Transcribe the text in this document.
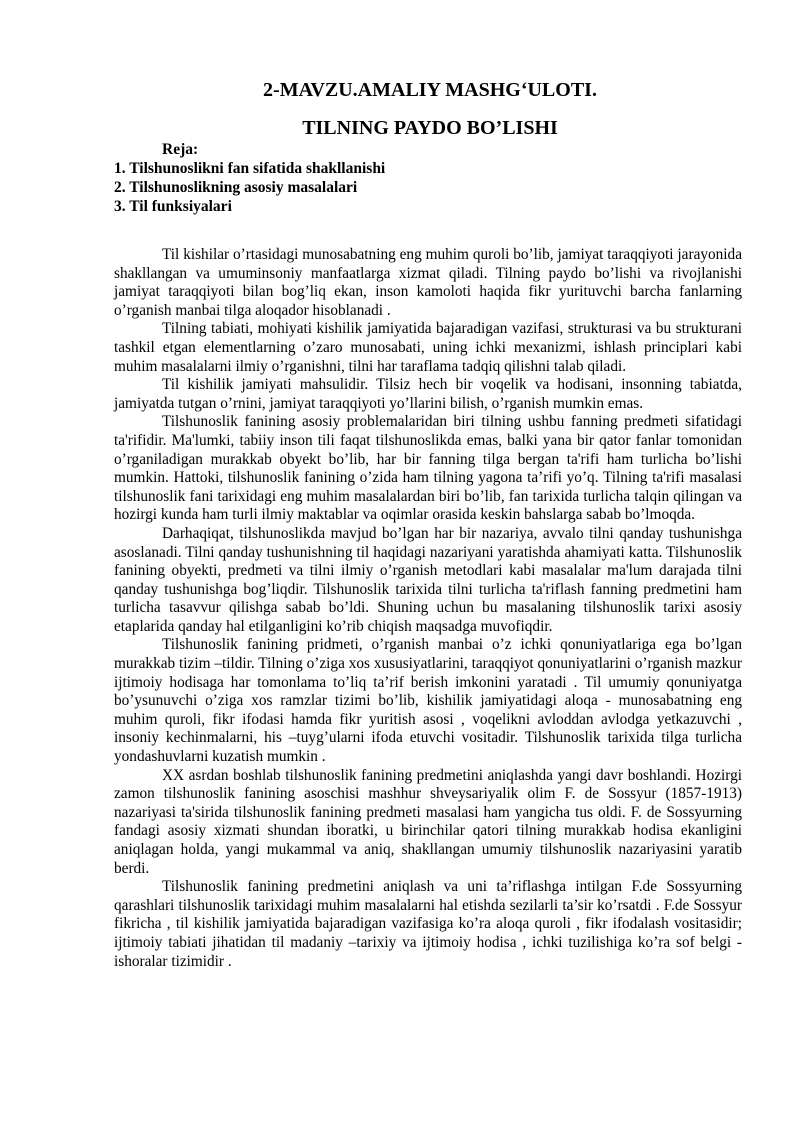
2-MAVZU.AMALIY MASHG‘ULOTI.
TILNING PAYDO BO’LISHI
Reja:
1. Tilshunoslikni fan sifatida shakllanishi
2. Tilshunoslikning asosiy masalalari
3. Til funksiyalari

Til kishilar o’rtasidagi munosabatning eng muhim quroli bo’lib, jamiyat taraqqiyoti jarayonida shakllangan va umuminsoniy manfaatlarga xizmat qiladi. Tilning paydo bo’lishi va rivojlanishi jamiyat taraqqiyoti bilan bog’liq ekan, inson kamoloti haqida fikr yurituvchi barcha fanlarning o’rganish manbai tilga aloqador hisoblanadi .

Tilning tabiati, mohiyati kishilik jamiyatida bajaradigan vazifasi, strukturasi va bu strukturani tashkil etgan elementlarning o’zaro munosabati, uning ichki mexanizmi, ishlash principlari kabi muhim masalalarni ilmiy o’rganishni, tilni har taraflama tadqiq qilishni talab qiladi.

Til kishilik jamiyati mahsulidir. Tilsiz hech bir voqelik va hodisani, insonning tabiatda, jamiyatda tutgan o’rnini, jamiyat taraqqiyoti yo’llarini bilish, o’rganish mumkin emas.

Tilshunoslik fanining asosiy problemalaridan biri tilning ushbu fanning predmeti sifatidagi ta'rifidir. Ma'lumki, tabiiy inson tili faqat tilshunoslikda emas, balki yana bir qator fanlar tomonidan o’rganiladigan murakkab obyekt bo’lib, har bir fanning tilga bergan ta'rifi ham turlicha bo’lishi mumkin. Hattoki, tilshunoslik fanining o’zida ham tilning yagona ta’rifi yo’q. Tilning ta'rifi masalasi tilshunoslik fani tarixidagi eng muhim masalalardan biri bo’lib, fan tarixida turlicha talqin qilingan va hozirgi kunda ham turli ilmiy maktablar va oqimlar orasida keskin bahslarga sabab bo’lmoqda.

Darhaqiqat, tilshunoslikda mavjud bo’lgan har bir nazariya, avvalo tilni qanday tushunishga asoslanadi. Tilni qanday tushunishning til haqidagi nazariyani yaratishda ahamiyati katta. Tilshunoslik fanining obyekti, predmeti va tilni ilmiy o’rganish metodlari kabi masalalar ma'lum darajada tilni qanday tushunishga bog’liqdir. Tilshunoslik tarixida tilni turlicha ta'riflash fanning predmetini ham turlicha tasavvur qilishga sabab bo’ldi. Shuning uchun bu masalaning tilshunoslik tarixi asosiy etaplarida qanday hal etilganligini ko’rib chiqish maqsadga muvofiqdir.

Tilshunoslik fanining pridmeti, o’rganish manbai o’z ichki qonuniyatlariga ega bo’lgan murakkab tizim –tildir. Tilning o’ziga xos xususiyatlarini, taraqqiyot qonuniyatlarini o’rganish mazkur ijtimoiy hodisaga har tomonlama to’liq ta’rif berish imkonini yaratadi . Til umumiy qonuniyatga bo’ysunuvchi o’ziga xos ramzlar tizimi bo’lib, kishilik jamiyatidagi aloqa - munosabatning eng muhim quroli, fikr ifodasi hamda fikr yuritish asosi , voqelikni avloddan avlodga yetkazuvchi , insoniy kechinmalarni, his –tuyg’ularni ifoda etuvchi vositadir. Tilshunoslik tarixida tilga turlicha yondashuvlarni kuzatish mumkin .

XX asrdan boshlab tilshunoslik fanining predmetini aniqlashda yangi davr boshlandi. Hozirgi zamon tilshunoslik fanining asoschisi mashhur shveysariyalik olim F. de Sossyur (1857-1913) nazariyasi ta'sirida tilshunoslik fanining predmeti masalasi ham yangicha tus oldi. F. de Sossyurning fandagi asosiy xizmati shundan iboratki, u birinchilar qatori tilning murakkab hodisa ekanligini aniqlagan holda, yangi mukammal va aniq, shakllangan umumiy tilshunoslik nazariyasini yaratib berdi.

Tilshunoslik fanining predmetini aniqlash va uni ta’riflashga intilgan F.de Sossyurning qarashlari tilshunoslik tarixidagi muhim masalalarni hal etishda sezilarli ta’sir ko’rsatdi . F.de Sossyur fikricha , til kishilik jamiyatida bajaradigan vazifasiga ko’ra aloqa quroli , fikr ifodalash vositasidir; ijtimoiy tabiati jihatidan til madaniy –tarixiy va ijtimoiy hodisa , ichki tuzilishiga ko’ra sof belgi - ishoralar tizimidir .
